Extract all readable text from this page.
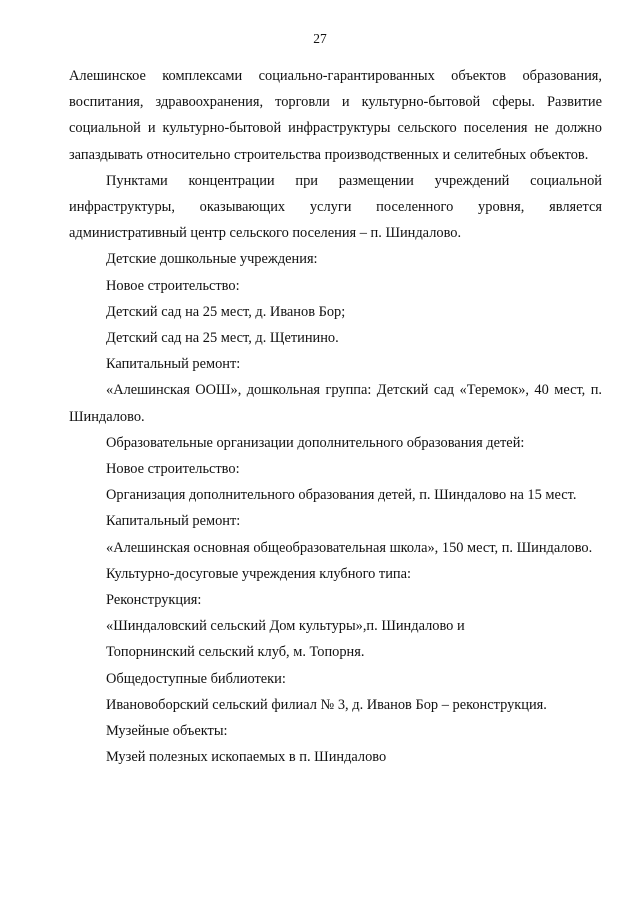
27

Алешинское комплексами социально-гарантированных объектов образования, воспитания, здравоохранения, торговли и культурно-бытовой сферы. Развитие социальной и культурно-бытовой инфраструктуры сельского поселения не должно запаздывать относительно строительства производственных и селитебных объектов.

Пунктами концентрации при размещении учреждений социальной инфраструктуры, оказывающих услуги поселенного уровня, является административный центр сельского поселения – п. Шиндалово.

Детские дошкольные учреждения:

Новое строительство:

Детский сад на 25 мест, д. Иванов Бор;

Детский сад на 25 мест, д. Щетинино.

Капитальный ремонт:

«Алешинская ООШ», дошкольная группа: Детский сад «Теремок», 40 мест, п. Шиндалово.

Образовательные организации дополнительного образования детей:

Новое строительство:

Организация дополнительного образования детей, п. Шиндалово на 15 мест.

Капитальный ремонт:

«Алешинская основная общеобразовательная школа», 150 мест, п. Шиндалово.

Культурно-досуговые учреждения клубного типа:

Реконструкция:

«Шиндаловский сельский Дом культуры»,п. Шиндалово и

Топорнинский сельский клуб, м. Топорня.

Общедоступные библиотеки:

Ивановоборский сельский филиал № 3, д. Иванов Бор – реконструкция.

Музейные объекты:

Музей полезных ископаемых в п. Шиндалово
